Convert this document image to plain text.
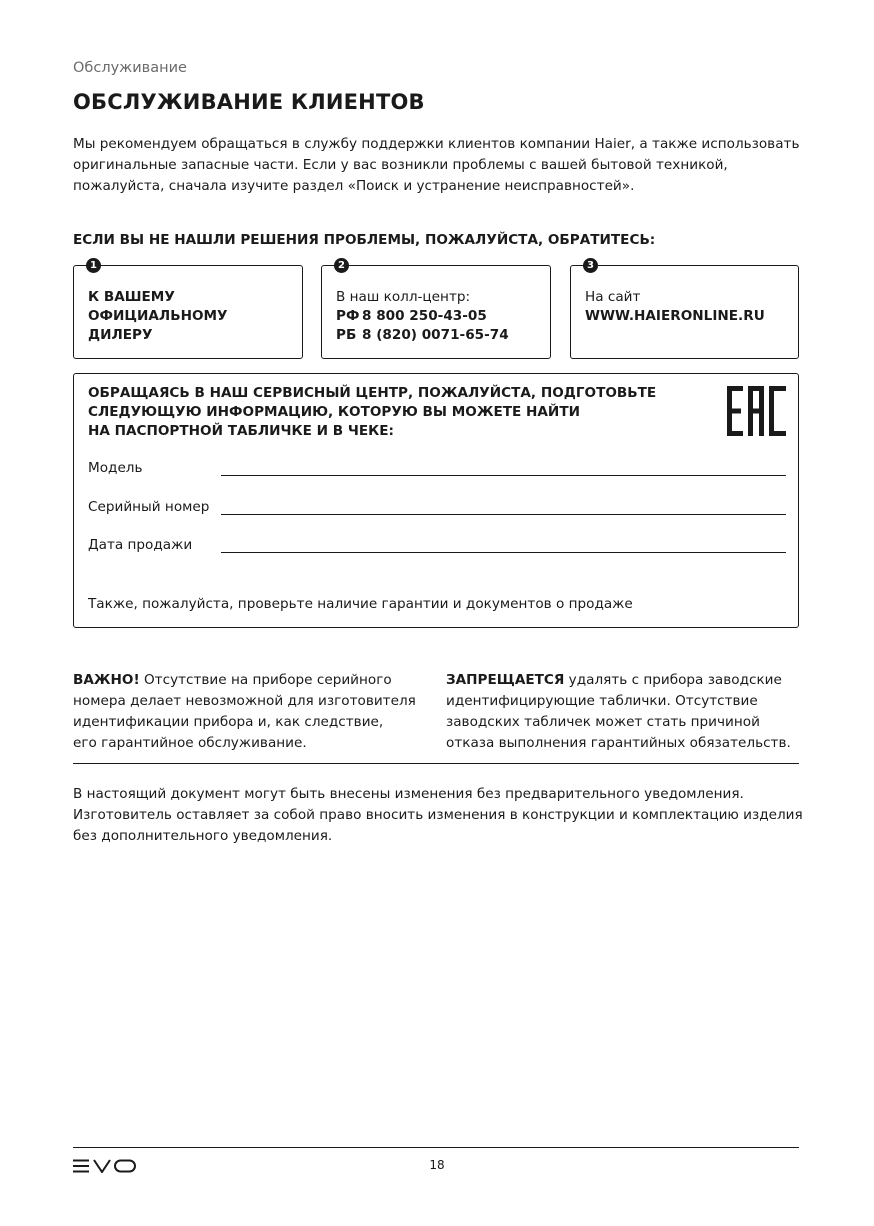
Обслуживание
ОБСЛУЖИВАНИЕ КЛИЕНТОВ
Мы рекомендуем обращаться в службу поддержки клиентов компании Haier, а также использовать
оригинальные запасные части. Если у вас возникли проблемы с вашей бытовой техникой,
пожалуйста, сначала изучите раздел «Поиск и устранение неисправностей».
ЕСЛИ ВЫ НЕ НАШЛИ РЕШЕНИЯ ПРОБЛЕМЫ, ПОЖАЛУЙСТА, ОБРАТИТЕСЬ:
1
К ВАШЕМУ
ОФИЦИАЛЬНОМУ
ДИЛЕРУ
2
В наш колл-центр:
РФ 8 800 250-43-05
РБ 8 (820) 0071-65-74
3
На сайт
WWW.HAIERONLINE.RU
ОБРАЩАЯСЬ В НАШ СЕРВИСНЫЙ ЦЕНТР, ПОЖАЛУЙСТА, ПОДГОТОВЬТЕ
СЛЕДУЮЩУЮ ИНФОРМАЦИЮ, КОТОРУЮ ВЫ МОЖЕТЕ НАЙТИ
НА ПАСПОРТНОЙ ТАБЛИЧКЕ И В ЧЕКЕ:
Модель
Серийный номер
Дата продажи
Также, пожалуйста, проверьте наличие гарантии и документов о продаже
ВАЖНО! Отсутствие на приборе серийного
номера делает невозможной для изготовителя
идентификации прибора и, как следствие,
его гарантийное обслуживание.
ЗАПРЕЩАЕТСЯ удалять с прибора заводские
идентифицирующие таблички. Отсутствие
заводских табличек может стать причиной
отказа выполнения гарантийных обязательств.
В настоящий документ могут быть внесены изменения без предварительного уведомления.
Изготовитель оставляет за собой право вносить изменения в конструкции и комплектацию изделия
без дополнительного уведомления.
18
